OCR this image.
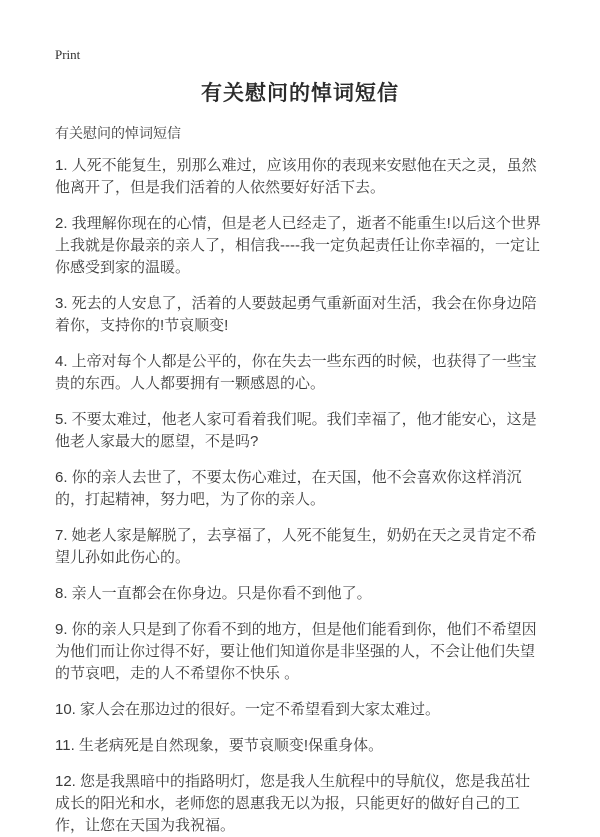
Print
有关慰问的悼词短信
有关慰问的悼词短信

1. 人死不能复生，别那么难过，应该用你的表现来安慰他在天之灵，虽然他离开了，但是我们活着的人依然要好好活下去。

2. 我理解你现在的心情，但是老人已经走了，逝者不能重生!以后这个世界上我就是你最亲的亲人了，相信我----我一定负起责任让你幸福的，一定让你感受到家的温暖。

3. 死去的人安息了，活着的人要鼓起勇气重新面对生活，我会在你身边陪着你，支持你的!节哀顺变!

4. 上帝对每个人都是公平的，你在失去一些东西的时候，也获得了一些宝贵的东西。人人都要拥有一颗感恩的心。

5. 不要太难过，他老人家可看着我们呢。我们幸福了，他才能安心，这是他老人家最大的愿望，不是吗?

6. 你的亲人去世了，不要太伤心难过，在天国，他不会喜欢你这样消沉的，打起精神，努力吧，为了你的亲人。

7. 她老人家是解脱了，去享福了，人死不能复生，奶奶在天之灵肯定不希望儿孙如此伤心的。

8. 亲人一直都会在你身边。只是你看不到他了。

9. 你的亲人只是到了你看不到的地方，但是他们能看到你，他们不希望因为他们而让你过得不好，要让他们知道你是非坚强的人，不会让他们失望的节哀吧，走的人不希望你不快乐 。

10. 家人会在那边过的很好。一定不希望看到大家太难过。

11. 生老病死是自然现象，要节哀顺变!保重身体。

12. 您是我黑暗中的指路明灯，您是我人生航程中的导航仪，您是我茁壮成长的阳光和水，老师您的恩惠我无以为报，只能更好的做好自己的工作，让您在天国为我祝福。
